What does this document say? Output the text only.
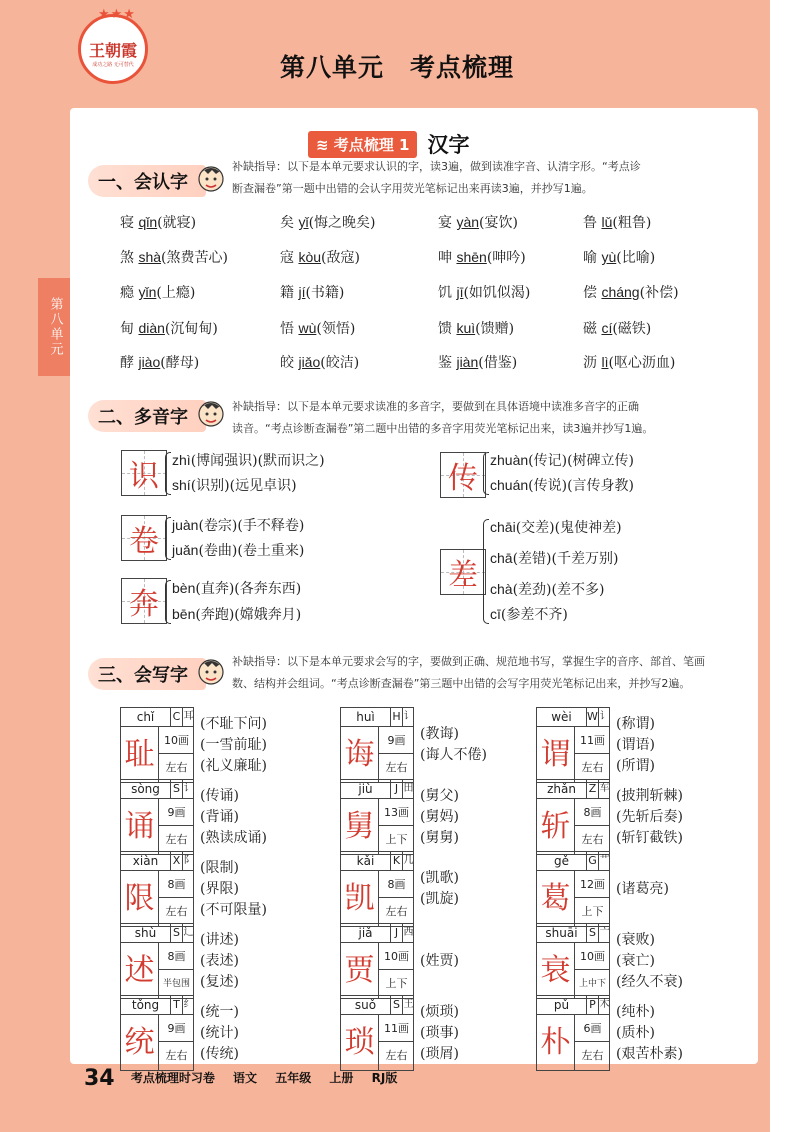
★★★
王朝霞
成功之路 无可替代	第八单元　考点梳理
第八单元
≋ 考点梳理 1 汉字
一、会认字
补缺指导：以下是本单元要求认识的字，读3遍，做到读准字音、认清字形。“考点诊
断查漏卷”第一题中出错的会认字用荧光笔标记出来再读3遍，并抄写1遍。
寝 qǐn(就寝)	矣 yǐ(悔之晚矣)	宴 yàn(宴饮)	鲁 lǔ(粗鲁)
煞 shà(煞费苦心)	寇 kòu(敌寇)	呻 shēn(呻吟)	喻 yù(比喻)
瘾 yǐn(上瘾)	籍 jí(书籍)	饥 jī(如饥似渴)	偿 cháng(补偿)
甸 diàn(沉甸甸)	悟 wù(领悟)	馈 kuì(馈赠)	磁 cí(磁铁)
酵 jiào(酵母)	皎 jiǎo(皎洁)	鉴 jiàn(借鉴)	沥 lì(呕心沥血)
二、多音字
补缺指导：以下是本单元要求读准的多音字，要做到在具体语境中读准多音字的正确
读音。“考点诊断查漏卷”第二题中出错的多音字用荧光笔标记出来，读3遍并抄写1遍。
识 zhì(博闻强识)(默而识之)
shí(识别)(远见卓识)
卷 juàn(卷宗)(手不释卷)
juǎn(卷曲)(卷土重来)
奔 bèn(直奔)(各奔东西)
bēn(奔跑)(嫦娥奔月)
传
zhuàn(传记)(树碑立传)
chuán(传说)(言传身教)
差
chāi(交差)(鬼使神差)
chā(差错)(千差万别)
chà(差劲)(差不多)
cī(参差不齐)
三、会写字
补缺指导：以下是本单元要求会写的字，要做到正确、规范地书写，掌握生字的音序、部首、笔画
数、结构并会组词。“考点诊断查漏卷”第三题中出错的会写字用荧光笔标记出来，并抄写2遍。
chǐ	C 耳
耻 10画
左右
(不耻下问)
(一雪前耻)
(礼义廉耻)
huì	H 讠
诲	9画
左右
(教诲)
(诲人不倦)
wèi	W 讠
谓 11画
左右
(称谓)
(谓语)
(所谓)
sòng	S 讠
诵	9画
左右
(传诵)
(背诵)
(熟读成诵)
jiù	J 田
舅 13画
上下
(舅父)
(舅妈)
(舅舅)
zhǎn	Z 车
斩	8画
左右
(披荆斩棘)
(先斩后奏)
(斩钉截铁)
xiàn	X 阝
限	8画
左右
(限制)
(界限)
(不可限量)
kǎi	K 几
凯	8画
左右
(凯歌)
(凯旋)
gě	G 艹
葛 12画
上下
(诸葛亮)
shù	S 辶
述	8画
半包围
(讲述)
(表述)
(复述)
jiǎ	J 西
贾 10画
上下
(姓贾)
shuāi	S 亠
衰 10画
上中下
(衰败)
(衰亡)
(经久不衰)
tǒng	T 纟
统	9画
左右
(统一)
(统计)
(传统)
suǒ	S 王
琐 11画
左右
(烦琐)
(琐事)
(琐屑)
pǔ	P 木
朴	6画
左右
(纯朴)
(质朴)
(艰苦朴素)
34 考点梳理时习卷 语文 五年级 上册 RJ版
